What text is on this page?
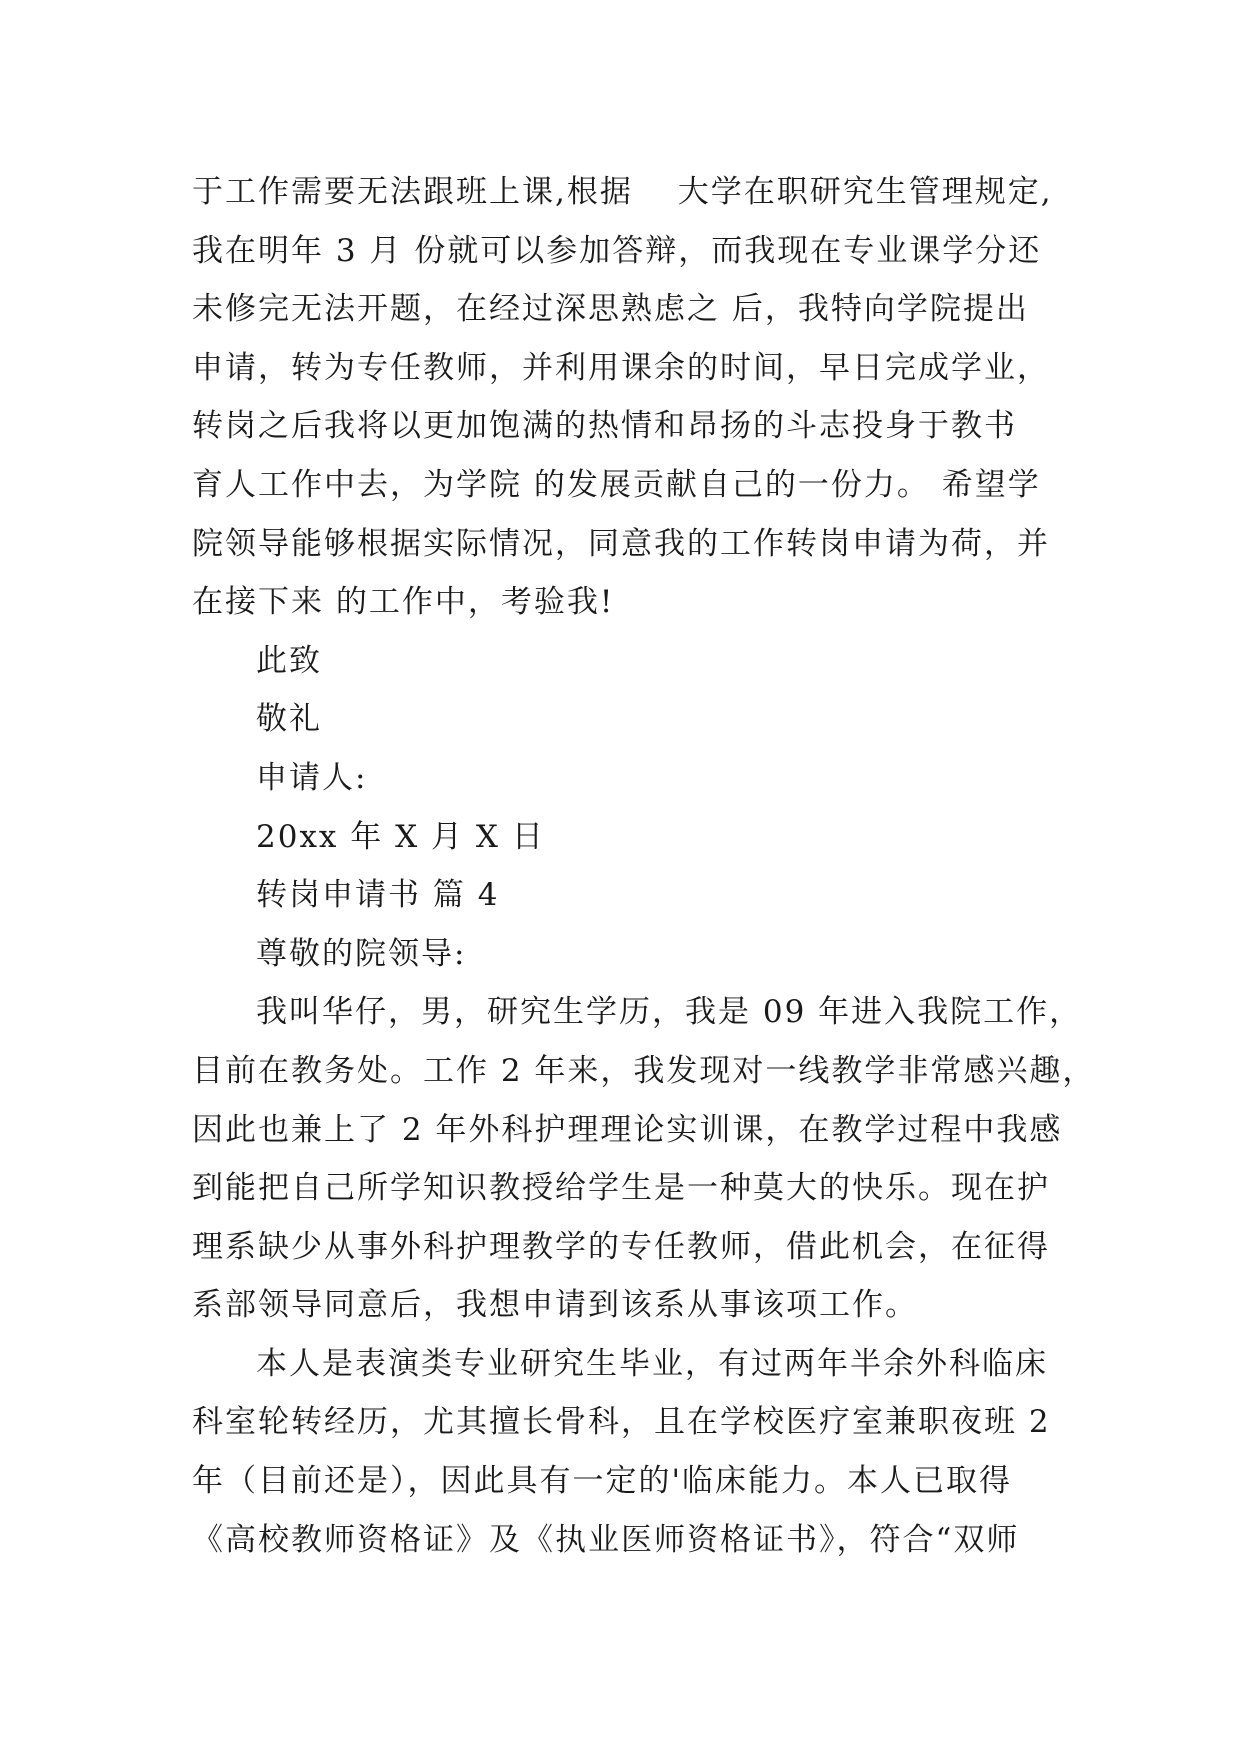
于工作需要无法跟班上课,根据　 大学在职研究生管理规定,
我在明年 3 月 份就可以参加答辩，而我现在专业课学分还
未修完无法开题，在经过深思熟虑之 后，我特向学院提出
申请，转为专任教师，并利用课余的时间，早日完成学业，
转岗之后我将以更加饱满的热情和昂扬的斗志投身于教书
育人工作中去，为学院 的发展贡献自己的一份力。 希望学
院领导能够根据实际情况，同意我的工作转岗申请为荷，并
在接下来 的工作中，考验我!
此致
敬礼
申请人:
20xx 年 X 月 X 日
转岗申请书 篇 4
尊敬的院领导:
我叫华仔，男，研究生学历，我是 09 年进入我院工作，
目前在教务处。工作 2 年来，我发现对一线教学非常感兴趣，
因此也兼上了 2 年外科护理理论实训课，在教学过程中我感
到能把自己所学知识教授给学生是一种莫大的快乐。现在护
理系缺少从事外科护理教学的专任教师，借此机会，在征得
系部领导同意后，我想申请到该系从事该项工作。
本人是表演类专业研究生毕业，有过两年半余外科临床
科室轮转经历，尤其擅长骨科，且在学校医疗室兼职夜班 2
年（目前还是），因此具有一定的'临床能力。本人已取得
《高校教师资格证》及《执业医师资格证书》，符合“双师
